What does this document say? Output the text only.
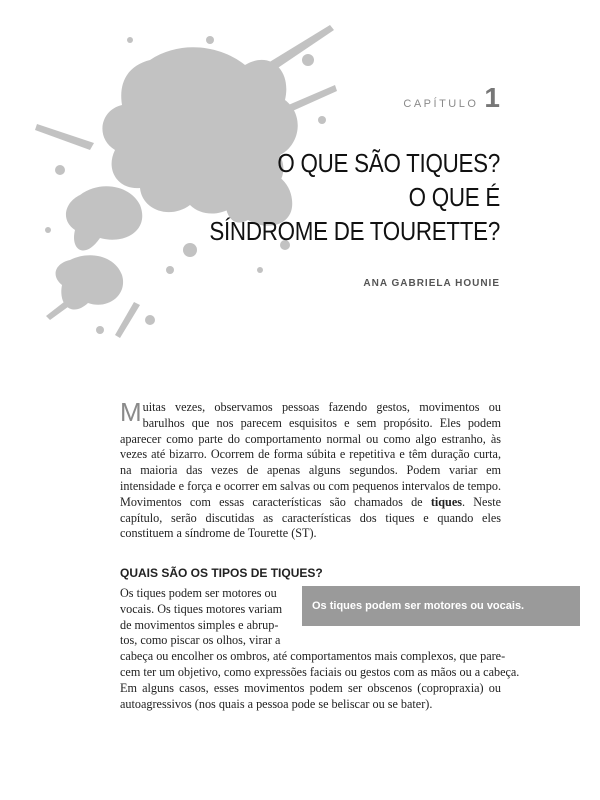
CAPÍTULO 1
O QUE SÃO TIQUES?
O QUE É
SÍNDROME DE TOURETTE?
ANA GABRIELA HOUNIE
Muitas vezes, observamos pessoas fazendo gestos, movimentos ou barulhos que nos parecem esquisitos e sem propósito. Eles podem aparecer como parte do comportamento normal ou como algo estranho, às vezes até bizarro. Ocorrem de forma súbita e repetitiva e têm duração curta, na maioria das vezes de apenas alguns segundos. Podem variar em intensidade e força e ocorrer em salvas ou com pequenos intervalos de tempo. Movimentos com essas características são chamados de tiques. Neste capítulo, serão discutidas as características dos tiques e quando eles constituem a síndrome de Tourette (ST).
QUAIS SÃO OS TIPOS DE TIQUES?
Os tiques podem ser motores ou
vocais. Os tiques motores variam
de movimentos simples e abrup-
tos, como piscar os olhos, virar a
cabeça ou encolher os ombros, até comportamentos mais complexos, que pare-
cem ter um objetivo, como expressões faciais ou gestos com as mãos ou a cabeça.
Em alguns casos, esses movimentos podem ser obscenos (copropraxia) ou
autoagressivos (nos quais a pessoa pode se beliscar ou se bater).
Os tiques podem ser motores ou vocais.
